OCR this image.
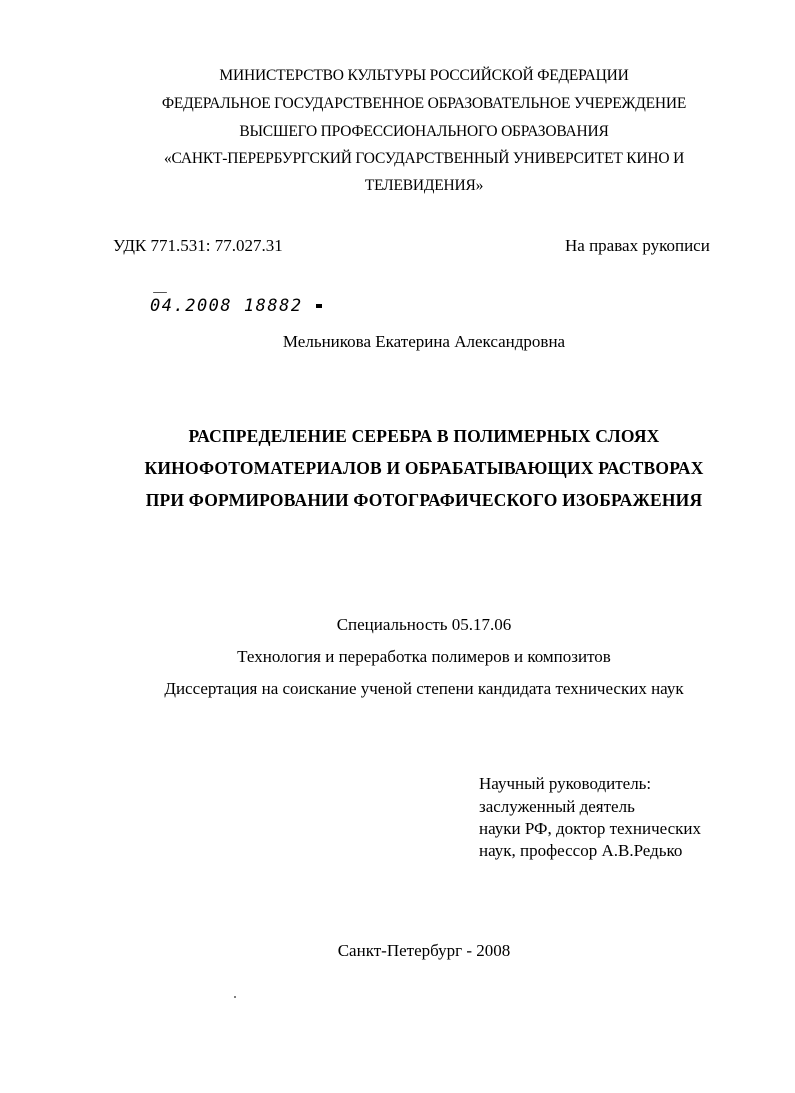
МИНИСТЕРСТВО КУЛЬТУРЫ РОССИЙСКОЙ ФЕДЕРАЦИИ
ФЕДЕРАЛЬНОЕ ГОСУДАРСТВЕННОЕ ОБРАЗОВАТЕЛЬНОЕ УЧЕРЕЖДЕНИЕ
ВЫСШЕГО ПРОФЕССИОНАЛЬНОГО ОБРАЗОВАНИЯ
«САНКТ-ПЕРЕРБУРГСКИЙ ГОСУДАРСТВЕННЫЙ УНИВЕРСИТЕТ КИНО И
ТЕЛЕВИДЕНИЯ»
УДК 771.531: 77.027.31	На правах рукописи
04.2008 18882
Мельникова Екатерина Александровна
РАСПРЕДЕЛЕНИЕ СЕРЕБРА В ПОЛИМЕРНЫХ СЛОЯХ
КИНОФОТОМАТЕРИАЛОВ И ОБРАБАТЫВАЮЩИХ РАСТВОРАХ
ПРИ ФОРМИРОВАНИИ ФОТОГРАФИЧЕСКОГО ИЗОБРАЖЕНИЯ
Специальность 05.17.06
Технология и переработка полимеров и композитов
Диссертация на соискание ученой степени кандидата технических наук
Научный руководитель:
заслуженный деятель
науки РФ, доктор технических
наук, профессор А.В.Редько
Санкт-Петербург - 2008
